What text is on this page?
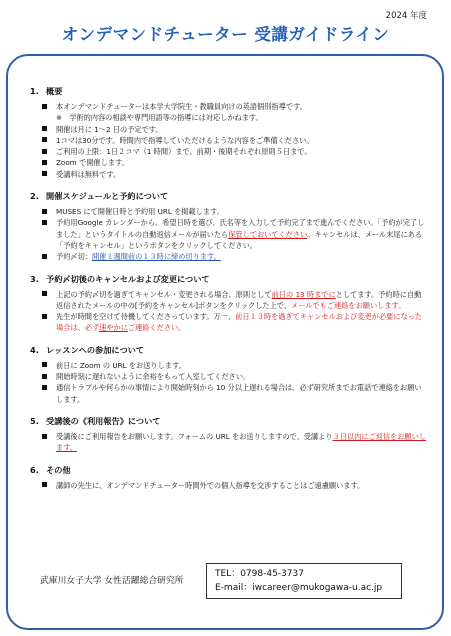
2024 年度
オンデマンドチューター 受講ガイドライン
1. 概要
本オンデマンドチューターは本学大学院生・教職員向けの英語個別指導です。
※　学術的内容の相談や専門用語等の指導には対応しかねます。
開催は月に 1～2 日の予定です。
1コマは30分です。時間内で指導していただけるような内容をご準備ください。
ご利用の上限：1日２コマ（1 時間）まで。前期・後期それぞれ原則５日まで。
Zoom で開催します。
受講料は無料です。
2. 開催スケジュールと予約について
MUSES にて開催日時と予約用 URL を掲載します。
予約用Google カレンダーから、希望日時を選び、氏名等を入力して予約完了まで進んでください。「予約が完了しました」というタイトルの自動返信メールが届いたら保管しておいてください。キャンセルは、メール末尾にある「予約をキャンセル」というボタンをクリックしてください。
予約〆切：開催１週間前の１３時に締め切ります。
3. 予約〆切後のキャンセルおよび変更について
上記の予約〆切を過ぎてキャンセル・変更される場合、原則として前日の 13 時までにとしてます。予約時に自動返信されたメールの中の[予約をキャンセル]ボタンをクリックした上で、メールでもご連絡をお願いします。
先生が時間を空けて待機してくださっています。万一、前日１３時を過ぎてキャンセルおよび変更が必要になった場合は、必ず速やかにご連絡ください。
4. レッスンへの参加について
前日に Zoom の URL をお送りします。
開始時刻に遅れないように余裕をもって入室してください。
通信トラブルや何らかの事情により開始時刻から 10 分以上遅れる場合は、必ず研究所までお電話で連絡をお願いします。
5. 受講後の《利用報告》について
受講後にご利用報告をお願いします。フォームの URL をお送りしますので、受講より３日以内にご返信をお願いします。
6. その他
講師の先生に、オンデマンドチューター時間外での個人指導を交渉することはご遠慮願います。
武庫川女子大学 女性活躍総合研究所
TEL：0798-45-3737
E-mail：iwcareer@mukogawa-u.ac.jp
